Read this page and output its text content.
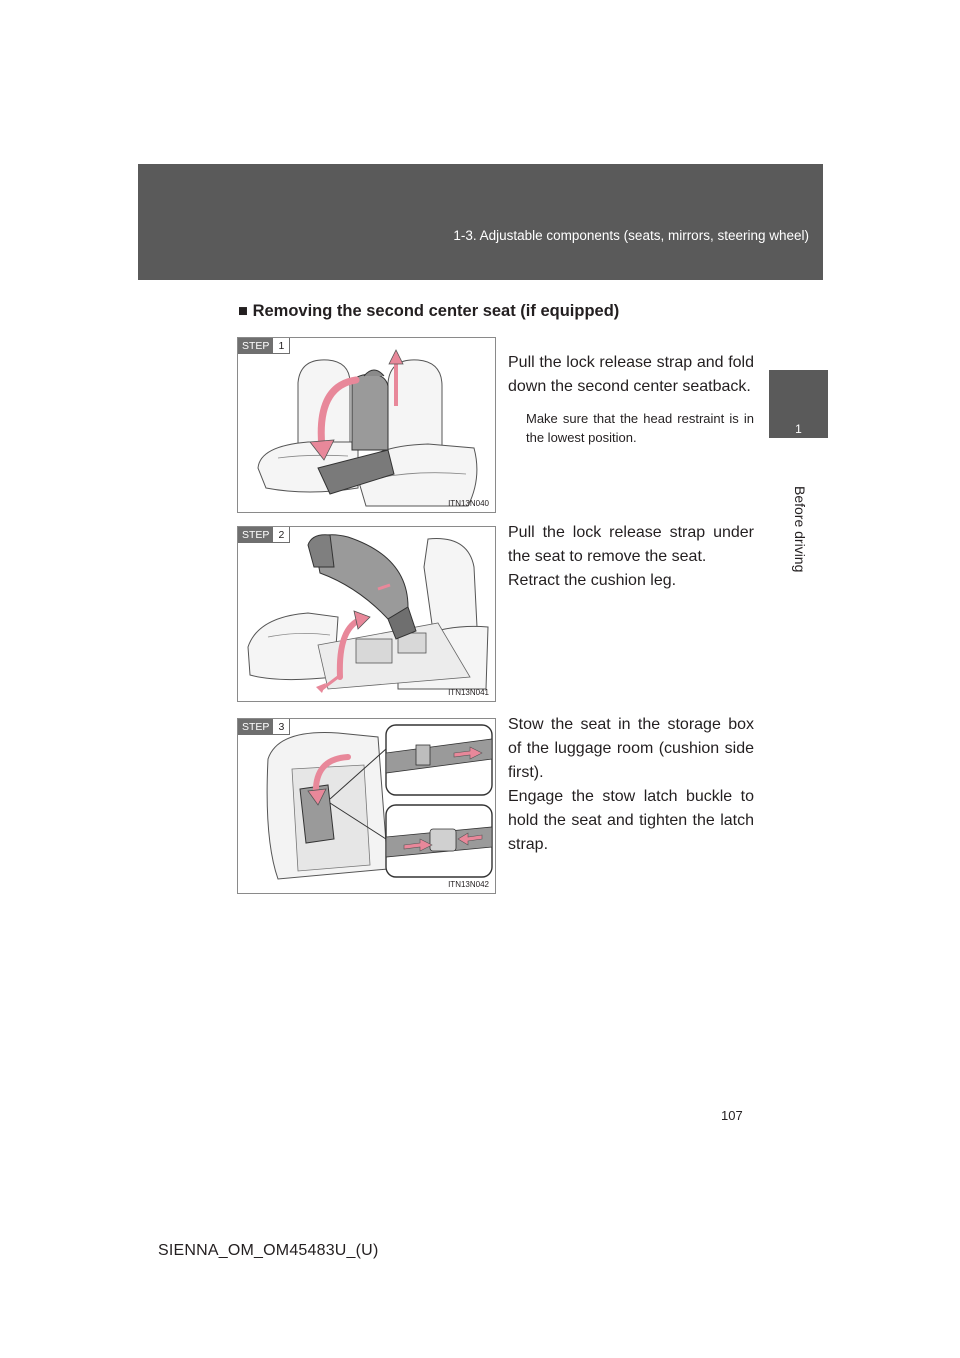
1-3. Adjustable components (seats, mirrors, steering wheel)
1
Before driving
■ Removing the second center seat (if equipped)
STEP 1
ITN13N040

Pull the lock release strap and fold down the second center seatback.

Make sure that the head restraint is in the lowest position.

STEP 2
ITN13N041

Pull the lock release strap under the seat to remove the seat.

Retract the cushion leg.

STEP 3
ITN13N042

Stow the seat in the storage box of the luggage room (cushion side first).

Engage the stow latch buckle to hold the seat and tighten the latch strap.

107
SIENNA_OM_OM45483U_(U)
